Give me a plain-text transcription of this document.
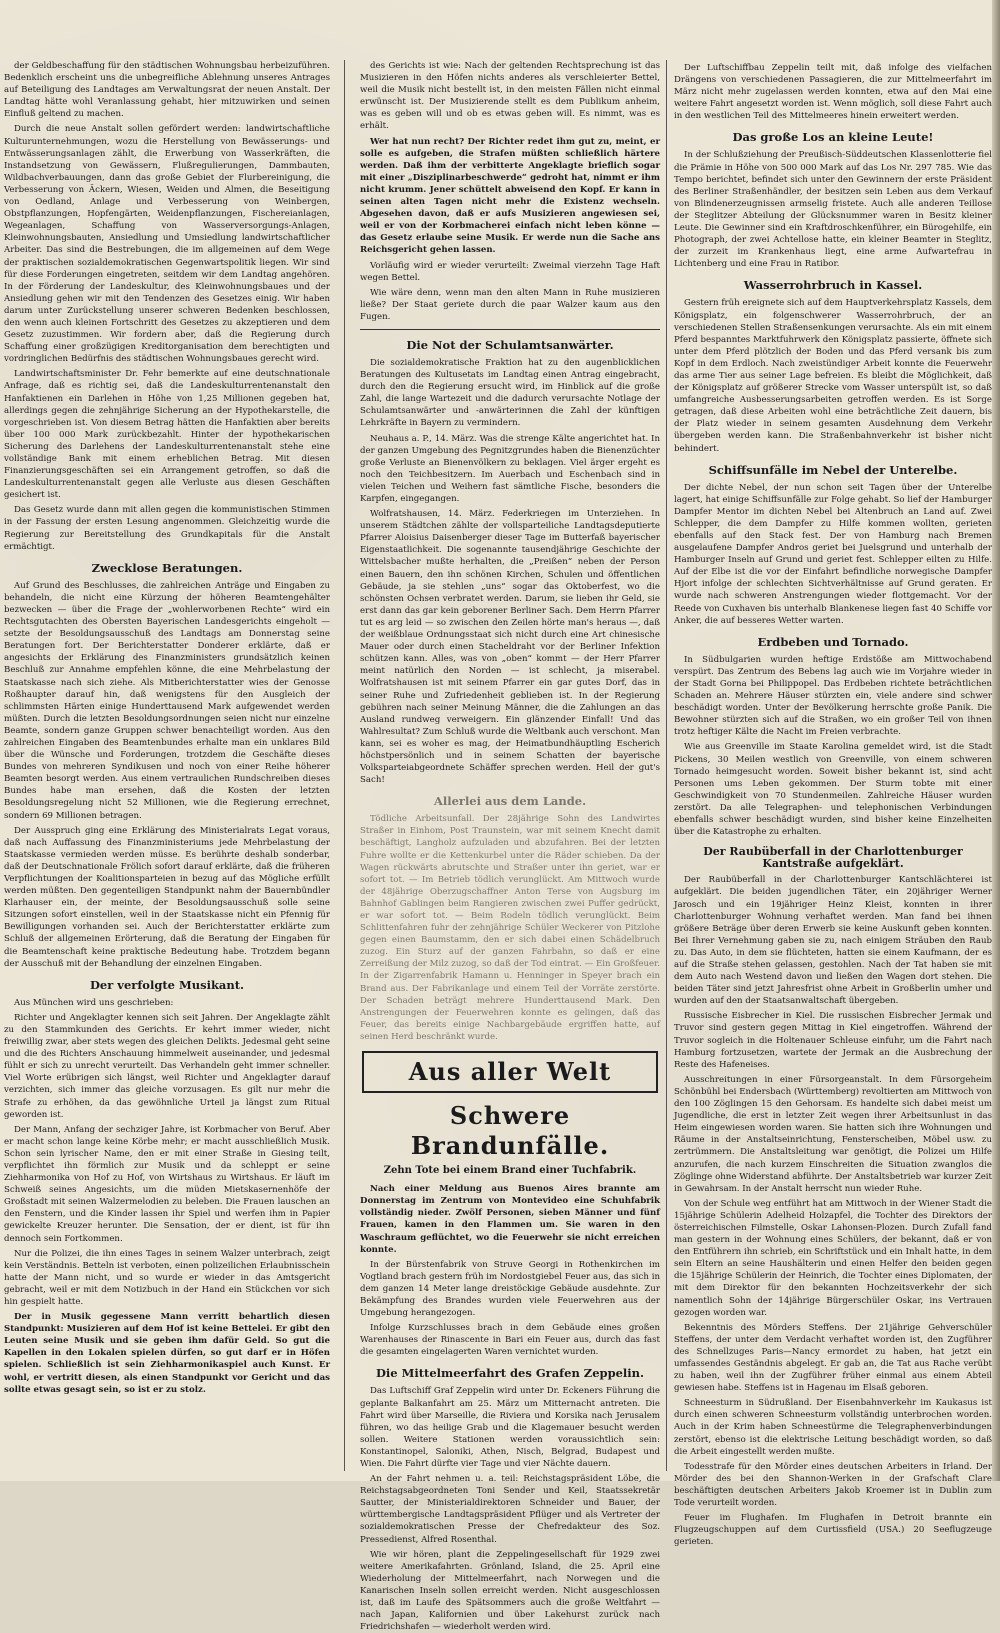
der Geldbeschaffung für den städtischen Wohnungsbau herbeizuführen. Bedenklich erscheint uns die unbegreifliche Ablehnung unseres Antrages auf Beteiligung des Landtages am Verwaltungsrat der neuen Anstalt. Der Landtag hätte wohl Veranlassung gehabt, hier mitzuwirken und seinen Einfluß geltend zu machen.

Durch die neue Anstalt sollen gefördert werden: landwirtschaftliche Kulturunternehmungen, wozu die Herstellung von Bewässerungs- und Entwässerungsanlagen zählt, die Erwerbung von Wasserkräften, die Instandsetzung von Gewässern, Flußregulierungen, Dammbauten, Wildbachverbauungen, dann das große Gebiet der Flurbereinigung, die Verbesserung von Äckern, Wiesen, Weiden und Almen, die Beseitigung von Oedland, Anlage und Verbesserung von Weinbergen, Obstpflanzungen, Hopfengärten, Weidenpflanzungen, Fischereianlagen, Wegeanlagen, Schaffung von Wasserversorgungs-Anlagen, Kleinwohnungsbauten, Ansiedlung und Umsiedlung landwirtschaftlicher Arbeiter. Das sind die Bestrebungen, die im allgemeinen auf dem Wege der praktischen sozialdemokratischen Gegenwartspolitik liegen. Wir sind für diese Forderungen eingetreten, seitdem wir dem Landtag angehören. In der Förderung der Landeskultur, des Kleinwohnungsbaues und der Ansiedlung gehen wir mit den Tendenzen des Gesetzes einig. Wir haben darum unter Zurückstellung unserer schweren Bedenken beschlossen, den wenn auch kleinen Fortschritt des Gesetzes zu akzeptieren und dem Gesetz zuzustimmen. Wir fordern aber, daß die Regierung durch Schaffung einer großzügigen Kreditorganisation dem berechtigten und vordringlichen Bedürfnis des städtischen Wohnungsbaues gerecht wird.

Landwirtschaftsminister Dr. Fehr bemerkte auf eine deutschnationale Anfrage, daß es richtig sei, daß die Landeskulturrentenanstalt den Hanfaktienen ein Darlehen in Höhe von 1,25 Millionen gegeben hat, allerdings gegen die zehnjährige Sicherung an der Hypothekarstelle, die vorgeschrieben ist. Von diesem Betrag hätten die Hanfaktien aber bereits über 100 000 Mark zurückbezahlt. Hinter der hypothekarischen Sicherung des Darlehens der Landeskulturrentenanstalt stehe eine vollständige Bank mit einem erheblichen Betrag. Mit diesen Finanzierungsgeschäften sei ein Arrangement getroffen, so daß die Landeskulturrentenanstalt gegen alle Verluste aus diesen Geschäften gesichert ist.

Das Gesetz wurde dann mit allen gegen die kommunistischen Stimmen in der Fassung der ersten Lesung angenommen. Gleichzeitig wurde die Regierung zur Bereitstellung des Grundkapitals für die Anstalt ermächtigt.

Zwecklose Beratungen.

Auf Grund des Beschlusses, die zahlreichen Anträge und Eingaben zu behandeln, die nicht eine Kürzung der höheren Beamtengehälter bezwecken — über die Frage der „wohlerworbenen Rechte“ wird ein Rechtsgutachten des Obersten Bayerischen Landesgerichts eingeholt — setzte der Besoldungsausschuß des Landtags am Donnerstag seine Beratungen fort. Der Berichterstatter Donderer erklärte, daß er angesichts der Erklärung des Finanzministers grundsätzlich keinen Beschluß zur Annahme empfehlen könne, die eine Mehrbelastung der Staatskasse nach sich ziehe. Als Mitberichterstatter wies der Genosse Roßhaupter darauf hin, daß wenigstens für den Ausgleich der schlimmsten Härten einige Hunderttausend Mark aufgewendet werden müßten. Durch die letzten Besoldungsordnungen seien nicht nur einzelne Beamte, sondern ganze Gruppen schwer benachteiligt worden. Aus den zahlreichen Eingaben des Beamtenbundes erhalte man ein unklares Bild über die Wünsche und Forderungen, trotzdem die Geschäfte dieses Bundes von mehreren Syndikusen und noch von einer Reihe höherer Beamten besorgt werden. Aus einem vertraulichen Rundschreiben dieses Bundes habe man ersehen, daß die Kosten der letzten Besoldungsregelung nicht 52 Millionen, wie die Regierung errechnet, sondern 69 Millionen betragen.

Der Ausspruch ging eine Erklärung des Ministerialrats Legat voraus, daß nach Auffassung des Finanzministeriums jede Mehrbelastung der Staatskasse vermieden werden müsse. Es berührte deshalb sonderbar, daß der Deutschnationale Frölich sofort darauf erklärte, daß die früheren Verpflichtungen der Koalitionsparteien in bezug auf das Mögliche erfüllt werden müßten. Den gegenteiligen Standpunkt nahm der Bauernbündler Klarhauser ein, der meinte, der Besoldungsausschuß solle seine Sitzungen sofort einstellen, weil in der Staatskasse nicht ein Pfennig für Bewilligungen vorhanden sei. Auch der Berichterstatter erklärte zum Schluß der allgemeinen Erörterung, daß die Beratung der Eingaben für die Beamtenschaft keine praktische Bedeutung habe. Trotzdem begann der Ausschuß mit der Behandlung der einzelnen Eingaben.

Der verfolgte Musikant.

Aus München wird uns geschrieben:

Richter und Angeklagter kennen sich seit Jahren. Der Angeklagte zählt zu den Stammkunden des Gerichts. Er kehrt immer wieder, nicht freiwillig zwar, aber stets wegen des gleichen Delikts. Jedesmal geht seine und die des Richters Anschauung himmelweit auseinander, und jedesmal fühlt er sich zu unrecht verurteilt. Das Verhandeln geht immer schneller. Viel Worte erübrigen sich längst, weil Richter und Angeklagter darauf verzichten, sich immer das gleiche vorzusagen. Es gilt nur mehr die Strafe zu erhöhen, da das gewöhnliche Urteil ja längst zum Ritual geworden ist.

Der Mann, Anfang der sechziger Jahre, ist Korbmacher von Beruf. Aber er macht schon lange keine Körbe mehr; er macht ausschließlich Musik. Schon sein lyrischer Name, den er mit einer Straße in Giesing teilt, verpflichtet ihn förmlich zur Musik und da schleppt er seine Ziehharmonika von Hof zu Hof, von Wirtshaus zu Wirtshaus. Er läuft im Schweiß seines Angesichts, um die müden Mietskasernenhöfe der Großstadt mit seinen Walzermelodien zu beleben. Die Frauen lauschen an den Fenstern, und die Kinder lassen ihr Spiel und werfen ihm in Papier gewickelte Kreuzer herunter. Die Sensation, der er dient, ist für ihn dennoch sein Fortkommen.

Nur die Polizei, die ihn eines Tages in seinem Walzer unterbrach, zeigt kein Verständnis. Betteln ist verboten, einen polizeilichen Erlaubnisschein hatte der Mann nicht, und so wurde er wieder in das Amtsgericht gebracht, weil er mit dem Notizbuch in der Hand ein Stückchen vor sich hin gespielt hatte.

Der in Musik gegessene Mann verritt behartlich diesen Standpunkt: Musizieren auf dem Hof ist keine Bettelei. Er gibt den Leuten seine Musik und sie geben ihm dafür Geld. So gut die Kapellen in den Lokalen spielen dürfen, so gut darf er in Höfen spielen. Schließlich ist sein Ziehharmonikaspiel auch Kunst. Er wohl, er vertritt diesen, als einen Standpunkt vor Gericht und das sollte etwas gesagt sein, so ist er zu stolz.

des Gerichts ist wie: Nach der geltenden Rechtsprechung ist das Musizieren in den Höfen nichts anderes als verschleierter Bettel, weil die Musik nicht bestellt ist, in den meisten Fällen nicht einmal erwünscht ist. Der Musizierende stellt es dem Publikum anheim, was es geben will und ob es etwas geben will. Es nimmt, was es erhält.

Wer hat nun recht? Der Richter redet ihm gut zu, meint, er solle es aufgeben, die Strafen müßten schließlich härtere werden. Daß ihm der verbitterte Angeklagte brieflich sogar mit einer „Disziplinarbeschwerde“ gedroht hat, nimmt er ihm nicht krumm. Jener schüttelt abweisend den Kopf. Er kann in seinen alten Tagen nicht mehr die Existenz wechseln. Abgesehen davon, daß er aufs Musizieren angewiesen sei, weil er von der Korbmacherei einfach nicht leben könne — das Gesetz erlaube seine Musik. Er werde nun die Sache ans Reichsgericht gehen lassen.

Vorläufig wird er wieder verurteilt: Zweimal vierzehn Tage Haft wegen Bettel.

Wie wäre denn, wenn man den alten Mann in Ruhe musizieren ließe? Der Staat geriete durch die paar Walzer kaum aus den Fugen.

Die Not der Schulamtsanwärter.

Die sozialdemokratische Fraktion hat zu den augenblicklichen Beratungen des Kultusetats im Landtag einen Antrag eingebracht, durch den die Regierung ersucht wird, im Hinblick auf die große Zahl, die lange Wartezeit und die dadurch verursachte Notlage der Schulamtsanwärter und -anwärterinnen die Zahl der künftigen Lehrkräfte in Bayern zu vermindern.

Neuhaus a. P., 14. März. Was die strenge Kälte angerichtet hat. In der ganzen Umgebung des Pegnitzgrundes haben die Bienenzüchter große Verluste an Bienenvölkern zu beklagen. Viel ärger ergeht es noch den Teichbesitzern. Im Auerbach und Eschenbach sind in vielen Teichen und Weihern fast sämtliche Fische, besonders die Karpfen, eingegangen.

Wolfratshausen, 14. März. Federkriegen im Unterziehen. In unserem Städtchen zählte der vollsparteiliche Landtagsdeputierte Pfarrer Aloisius Daisenberger dieser Tage im Butterfaß bayerischer Eigenstaatlichkeit. Die sogenannte tausendjährige Geschichte der Wittelsbacher mußte herhalten, die „Preißen“ neben der Person einen Bauern, den ihn schönen Kirchen, Schulen und öffentlichen Gebäude, ja sie stehlen „uns“ sogar das Oktoberfest, wo die schönsten Ochsen verbratet werden. Darum, sie lieben ihr Geld, sie erst dann das gar kein geborener Berliner Sach. Dem Herrn Pfarrer tut es arg leid — so zwischen den Zeilen hörte man's heraus —, daß der weißblaue Ordnungsstaat sich nicht durch eine Art chinesische Mauer oder durch einen Stacheldraht vor der Berliner Infektion schützen kann. Alles, was von „oben“ kommt — der Herr Pfarrer meint natürlich den Norden — ist schlecht, ja miserabel. Wolfratshausen ist mit seinem Pfarrer ein gar gutes Dorf, das in seiner Ruhe und Zufriedenheit geblieben ist. In der Regierung gebühren nach seiner Meinung Männer, die die Zahlungen an das Ausland rundweg verweigern. Ein glänzender Einfall! Und das Wahlresultat? Zum Schluß wurde die Weltbank auch verschont. Man kann, sei es woher es mag, der Heimatbundhäuptling Escherich höchstpersönlich und in seinem Schatten der bayerische Volksparteiabgeordnete Schäffer sprechen werden. Heil der gut's Sach!

Allerlei aus dem Lande.

Tödliche Arbeitsunfall. Der 28jährige Sohn des Landwirtes Straßer in Einhom, Post Traunstein, war mit seinem Knecht damit beschäftigt, Langholz aufzuladen und abzufahren. Bei der letzten Fuhre wollte er die Kettenkurbel unter die Räder schieben. Da der Wagen rückwärts abrutschte und Straßer unter ihn geriet, war er sofort tot. — Im Betrieb tödlich verunglückt. Am Mittwoch wurde der 48jährige Oberzugschaffner Anton Terse von Augsburg im Bahnhof Gablingen beim Rangieren zwischen zwei Puffer gedrückt, er war sofort tot. — Beim Rodeln tödlich verunglückt. Beim Schlittenfahren fuhr der zehnjährige Schüler Weckerer von Pitzlohe gegen einen Baumstamm, den er sich dabei einen Schädelbruch zuzog. Ein Sturz auf der ganzen Fahrbahn, so daß er eine Zerreißung der Milz zuzog, so daß der Tod eintrat. — Ein Großfeuer. In der Zigarrenfabrik Hamann u. Henninger in Speyer brach ein Brand aus. Der Fabrikanlage und einem Teil der Vorräte zerstörte. Der Schaden beträgt mehrere Hunderttausend Mark. Den Anstrengungen der Feuerwehren konnte es gelingen, daß das Feuer, das bereits einige Nachbargebäude ergriffen hatte, auf seinen Herd beschränkt wurde.

Aus aller Welt
Schwere Brandunfälle.
Zehn Tote bei einem Brand einer Tuchfabrik.

Nach einer Meldung aus Buenos Aires brannte am Donnerstag im Zentrum von Montevideo eine Schuhfabrik vollständig nieder. Zwölf Personen, sieben Männer und fünf Frauen, kamen in den Flammen um. Sie waren in den Waschraum geflüchtet, wo die Feuerwehr sie nicht erreichen konnte.

In der Bürstenfabrik von Struve Georgi in Rothenkirchen im Vogtland brach gestern früh im Nordostgiebel Feuer aus, das sich in dem ganzen 14 Meter lange dreistöckige Gebäude ausdehnte. Zur Bekämpfung des Brandes wurden viele Feuerwehren aus der Umgebung herangezogen.

Infolge Kurzschlusses brach in dem Gebäude eines großen Warenhauses der Rinascente in Bari ein Feuer aus, durch das fast die gesamten eingelagerten Waren vernichtet wurden.

Die Mittelmeerfahrt des Grafen Zeppelin.

Das Luftschiff Graf Zeppelin wird unter Dr. Eckeners Führung die geplante Balkanfahrt am 25. März um Mitternacht antreten. Die Fahrt wird über Marseille, die Riviera und Korsika nach Jerusalem führen, wo das heilige Grab und die Klagemauer besucht werden sollen. Weitere Stationen werden voraussichtlich sein: Konstantinopel, Saloniki, Athen, Nisch, Belgrad, Budapest und Wien. Die Fahrt dürfte vier Tage und vier Nächte dauern.

An der Fahrt nehmen u. a. teil: Reichstagspräsident Löbe, die Reichstagsabgeordneten Toni Sender und Keil, Staatssekretär Sautter, der Ministerialdirektoren Schneider und Bauer, der württembergische Landtagspräsident Pflüger und als Vertreter der sozialdemokratischen Presse der Chefredakteur des Soz. Pressedienst, Alfred Rosenthal.

Wie wir hören, plant die Zeppelingesellschaft für 1929 zwei weitere Amerikafahrten. Grönland, Island, die 25. April eine Wiederholung der Mittelmeerfahrt, nach Norwegen und die Kanarischen Inseln sollen erreicht werden. Nicht ausgeschlossen ist, daß im Laufe des Spätsommers auch die große Weltfahrt — nach Japan, Kalifornien und über Lakehurst zurück nach Friedrichshafen — wiederholt werden wird.

Der Luftschiffbau Zeppelin teilt mit, daß infolge des vielfachen Drängens von verschiedenen Passagieren, die zur Mittelmeerfahrt im März nicht mehr zugelassen werden konnten, etwa auf den Mai eine weitere Fahrt angesetzt worden ist. Wenn möglich, soll diese Fahrt auch in den westlichen Teil des Mittelmeeres hinein erweitert werden.

Das große Los an kleine Leute!

In der Schlußziehung der Preußisch-Süddeutschen Klassenlotterie fiel die Prämie in Höhe von 500 000 Mark auf das Los Nr. 297 785. Wie das Tempo berichtet, befindet sich unter den Gewinnern der erste Präsident des Berliner Straßenhändler, der besitzen sein Leben aus dem Verkauf von Blindenerzeugnissen armselig fristete. Auch alle anderen Teillose der Steglitzer Abteilung der Glücksnummer waren in Besitz kleiner Leute. Die Gewinner sind ein Kraftdroschkenführer, ein Bürogehilfe, ein Photograph, der zwei Achtellose hatte, ein kleiner Beamter in Steglitz, der zurzeit im Krankenhaus liegt, eine arme Aufwartefrau in Lichtenberg und eine Frau in Ratibor.

Wasserrohrbruch in Kassel.

Gestern früh ereignete sich auf dem Hauptverkehrsplatz Kassels, dem Königsplatz, ein folgenschwerer Wasserrohrbruch, der an verschiedenen Stellen Straßensenkungen verursachte. Als ein mit einem Pferd bespanntes Marktfuhrwerk den Königsplatz passierte, öffnete sich unter dem Pferd plötzlich der Boden und das Pferd versank bis zum Kopf in dem Erdloch. Nach zweistündiger Arbeit konnte die Feuerwehr das arme Tier aus seiner Lage befreien. Es bleibt die Möglichkeit, daß der Königsplatz auf größerer Strecke vom Wasser unterspült ist, so daß umfangreiche Ausbesserungsarbeiten getroffen werden. Es ist Sorge getragen, daß diese Arbeiten wohl eine beträchtliche Zeit dauern, bis der Platz wieder in seinem gesamten Ausdehnung dem Verkehr übergeben werden kann. Die Straßenbahnverkehr ist bisher nicht behindert.

Schiffsunfälle im Nebel der Unterelbe.

Der dichte Nebel, der nun schon seit Tagen über der Unterelbe lagert, hat einige Schiffsunfälle zur Folge gehabt. So lief der Hamburger Dampfer Mentor im dichten Nebel bei Altenbruch an Land auf. Zwei Schlepper, die dem Dampfer zu Hilfe kommen wollten, gerieten ebenfalls auf den Stack fest. Der von Hamburg nach Bremen ausgelaufene Dampfer Andros geriet bei Juelsgrund und unterhalb der Hamburger Inseln auf Grund und geriet fest. Schlepper eilten zu Hilfe. Auf der Elbe ist die vor der Einfahrt befindliche norwegische Dampfer Hjort infolge der schlechten Sichtverhältnisse auf Grund geraten. Er wurde nach schweren Anstrengungen wieder flottgemacht. Vor der Reede von Cuxhaven bis unterhalb Blankenese liegen fast 40 Schiffe vor Anker, die auf besseres Wetter warten.

Erdbeben und Tornado.

In Südbulgarien wurden heftige Erdstöße am Mittwochabend verspürt. Das Zentrum des Bebens lag auch wie im Vorjahre wieder in der Stadt Gorna bei Philippopel. Das Erdbeben richtete beträchtlichen Schaden an. Mehrere Häuser stürzten ein, viele andere sind schwer beschädigt worden. Unter der Bevölkerung herrschte große Panik. Die Bewohner stürzten sich auf die Straßen, wo ein großer Teil von ihnen trotz heftiger Kälte die Nacht im Freien verbrachte.

Wie aus Greenville im Staate Karolina gemeldet wird, ist die Stadt Pickens, 30 Meilen westlich von Greenville, von einem schweren Tornado heimgesucht worden. Soweit bisher bekannt ist, sind acht Personen ums Leben gekommen. Der Sturm tobte mit einer Geschwindigkeit von 70 Stundenmeilen. Zahlreiche Häuser wurden zerstört. Da alle Telegraphen- und telephonischen Verbindungen ebenfalls schwer beschädigt wurden, sind bisher keine Einzelheiten über die Katastrophe zu erhalten.

Der Raubüberfall in der Charlottenburger Kantstraße aufgeklärt.

Der Raubüberfall in der Charlottenburger Kantschlächterei ist aufgeklärt. Die beiden jugendlichen Täter, ein 20jähriger Werner Jarosch und ein 19jähriger Heinz Kleist, konnten in ihrer Charlottenburger Wohnung verhaftet werden. Man fand bei ihnen größere Beträge über deren Erwerb sie keine Auskunft geben konnten. Bei Ihrer Vernehmung gaben sie zu, nach einigem Sträuben den Raub zu. Das Auto, in dem sie flüchteten, hatten sie einem Kaufmann, der es auf die Straße stehen gelassen, gestohlen. Nach der Tat haben sie mit dem Auto nach Westend davon und ließen den Wagen dort stehen. Die beiden Täter sind jetzt Jahresfrist ohne Arbeit in Großberlin umher und wurden auf den der Staatsanwaltschaft übergeben.

Russische Eisbrecher in Kiel. Die russischen Eisbrecher Jermak und Truvor sind gestern gegen Mittag in Kiel eingetroffen. Während der Truvor sogleich in die Holtenauer Schleuse einfuhr, um die Fahrt nach Hamburg fortzusetzen, wartete der Jermak an die Ausbrechung der Reste des Hafeneises.

Ausschreitungen in einer Fürsorgeanstalt. In dem Fürsorgeheim Schönbühl bei Endersbach (Württemberg) revoltierten am Mittwoch von den 100 Zöglingen 15 den Gehorsam. Es handelte sich dabei meist um Jugendliche, die erst in letzter Zeit wegen ihrer Arbeitsunlust in das Heim eingewiesen worden waren. Sie hatten sich ihre Wohnungen und Räume in der Anstaltseinrichtung, Fensterscheiben, Möbel usw. zu zertrümmern. Die Anstaltsleitung war genötigt, die Polizei um Hilfe anzurufen, die nach kurzem Einschreiten die Situation zwanglos die Zöglinge ohne Widerstand abführte. Der Anstaltsbetrieb war kurzer Zeit in Gewahrsam. In der Anstalt herrscht nun wieder Ruhe.

Von der Schule weg entführt hat am Mittwoch in der Wiener Stadt die 15jährige Schülerin Adelheid Holzapfel, die Tochter des Direktors der österreichischen Filmstelle, Oskar Lahonsen-Plozen. Durch Zufall fand man gestern in der Wohnung eines Schülers, der bekannt, daß er von den Entführern ihn schrieb, ein Schriftstück und ein Inhalt hatte, in dem sein Eltern an seine Haushälterin und einen Helfer den beiden gegen die 15jährige Schülerin der Heinrich, die Tochter eines Diplomaten, der mit dem Direktor für den bekannten Hochzeitsverkehr der sich namentlich Sohn der 14jährige Bürgerschüler Oskar, ins Vertrauen gezogen worden war.

Bekenntnis des Mörders Steffens. Der 21jährige Gehverschüler Steffens, der unter dem Verdacht verhaftet worden ist, den Zugführer des Schnellzuges Paris—Nancy ermordet zu haben, hat jetzt ein umfassendes Geständnis abgelegt. Er gab an, die Tat aus Rache verübt zu haben, weil ihn der Zugführer früher einmal aus einem Abteil gewiesen habe. Steffens ist in Hagenau im Elsaß geboren.

Schneesturm in Südrußland. Der Eisenbahnverkehr im Kaukasus ist durch einen schweren Schneesturm vollständig unterbrochen worden. Auch in der Krim haben Schneestürme die Telegraphenverbindungen zerstört, ebenso ist die elektrische Leitung beschädigt worden, so daß die Arbeit eingestellt werden mußte.

Todesstrafe für den Mörder eines deutschen Arbeiters in Irland. Der Mörder des bei den Shannon-Werken in der Grafschaft Clare beschäftigten deutschen Arbeiters Jakob Kroemer ist in Dublin zum Tode verurteilt worden.

Feuer im Flughafen. Im Flughafen in Detroit brannte ein Flugzeugschuppen auf dem Curtissfield (USA.) 20 Seeflugzeuge gerieten.
